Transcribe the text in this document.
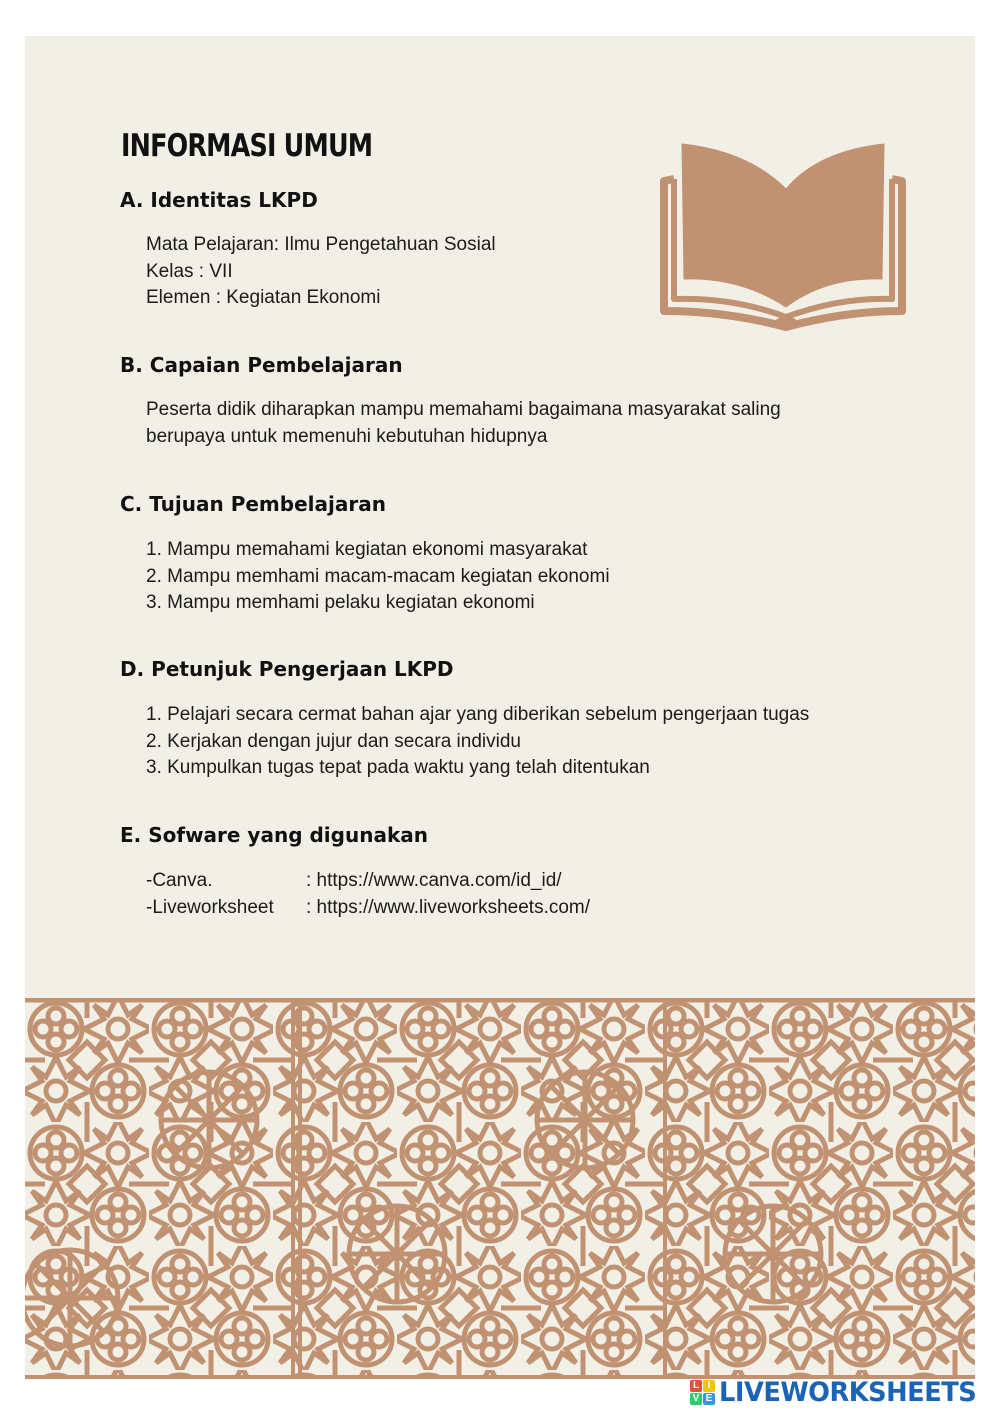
INFORMASI UMUM
A. Identitas LKPD
Mata Pelajaran: Ilmu Pengetahuan Sosial
Kelas : VII
Elemen : Kegiatan Ekonomi
B. Capaian Pembelajaran
Peserta didik diharapkan mampu memahami bagaimana masyarakat saling
berupaya untuk memenuhi kebutuhan hidupnya
C. Tujuan Pembelajaran
1. Mampu memahami kegiatan ekonomi masyarakat
2. Mampu memhami macam-macam kegiatan ekonomi
3. Mampu memhami pelaku kegiatan ekonomi
D. Petunjuk Pengerjaan LKPD
1. Pelajari secara cermat bahan ajar yang diberikan sebelum pengerjaan tugas
2. Kerjakan dengan jujur dan secara individu
3. Kumpulkan tugas tepat pada waktu yang telah ditentukan
E. Sofware yang digunakan
-Canva.	: https://www.canva.com/id_id/
-Liveworksheet	: https://www.liveworksheets.com/
L I
V E LIVEWORKSHEETS
